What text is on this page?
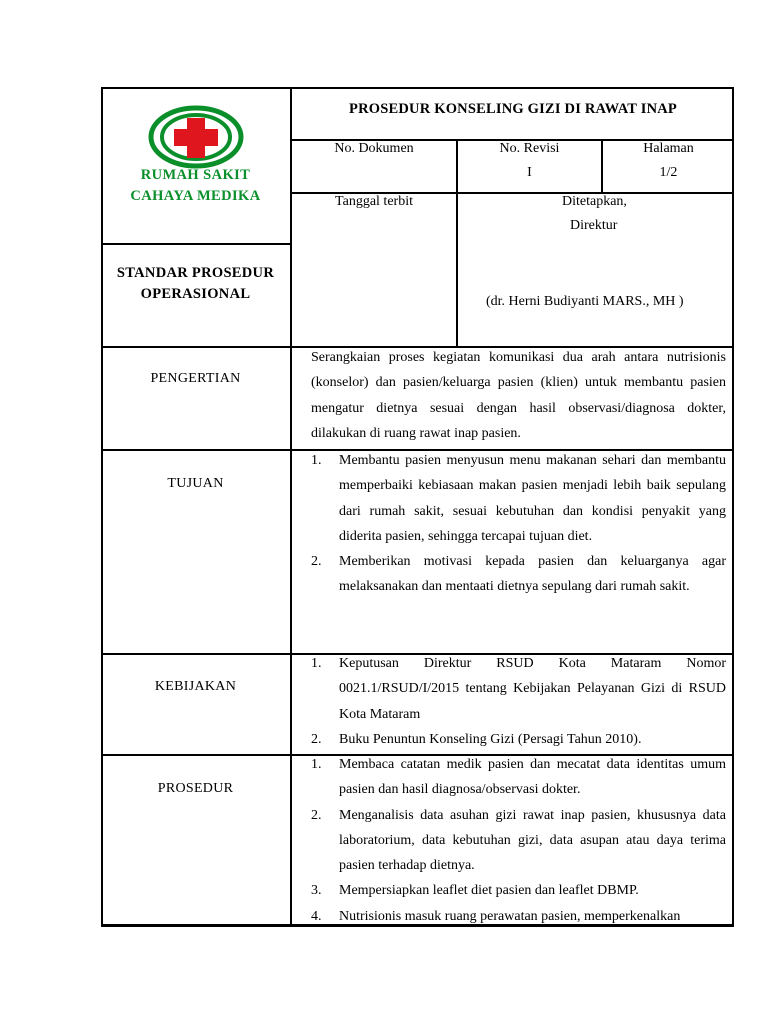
RUMAH SAKIT
CAHAYA MEDIKA
STANDAR PROSEDUR
OPERASIONAL
PROSEDUR KONSELING GIZI DI RAWAT INAP
No. Dokumen	No. Revisi
I
Halaman
1/2
Tanggal terbit	Ditetapkan,
Direktur
(dr. Herni Budiyanti MARS., MH )
PENGERTIAN
Serangkaian proses kegiatan komunikasi dua arah antara nutrisionis (konselor) dan pasien/keluarga pasien (klien) untuk membantu pasien mengatur dietnya sesuai dengan hasil observasi/diagnosa dokter, dilakukan di ruang rawat inap pasien.
TUJUAN
1. Membantu pasien menyusun menu makanan sehari dan membantu memperbaiki kebiasaan makan pasien menjadi lebih baik sepulang dari rumah sakit, sesuai kebutuhan dan kondisi penyakit yang diderita pasien, sehingga tercapai tujuan diet.
2. Memberikan motivasi kepada pasien dan keluarganya agar melaksanakan dan mentaati dietnya sepulang dari rumah sakit.
KEBIJAKAN
1. Keputusan Direktur RSUD Kota Mataram Nomor 0021.1/RSUD/I/2015 tentang Kebijakan Pelayanan Gizi di RSUD Kota Mataram
2. Buku Penuntun Konseling Gizi (Persagi Tahun 2010).
PROSEDUR
1. Membaca catatan medik pasien dan mecatat data identitas umum pasien dan hasil diagnosa/observasi dokter.
2. Menganalisis data asuhan gizi rawat inap pasien, khususnya data laboratorium, data kebutuhan gizi, data asupan atau daya terima pasien terhadap dietnya.
3. Mempersiapkan leaflet diet pasien dan leaflet DBMP.
4. Nutrisionis masuk ruang perawatan pasien, memperkenalkan
